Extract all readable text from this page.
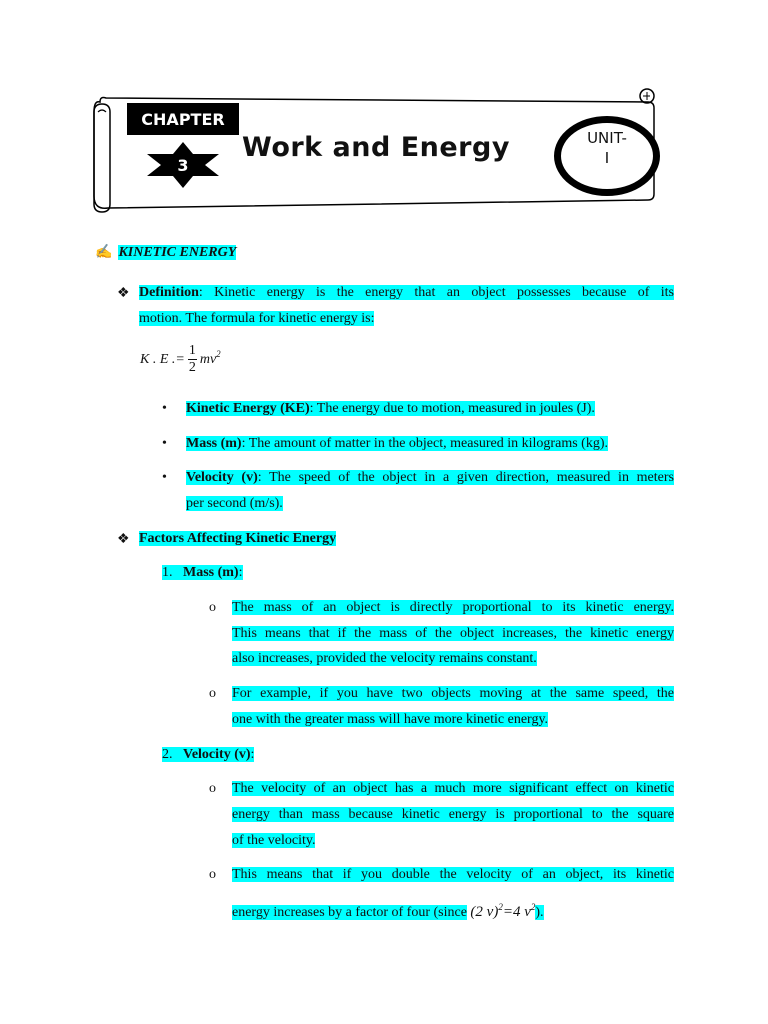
CHAPTER
3
Work and Energy	UNIT-
I
✍ KINETIC ENERGY
❖ Definition: Kinetic energy is the energy that an object possesses because of its
motion. The formula for kinetic energy is:
K . E .= $\frac{1}{2} mv^2$
• Kinetic Energy (KE): The energy due to motion, measured in joules (J).
• Mass (m): The amount of matter in the object, measured in kilograms (kg).
• Velocity (v): The speed of the object in a given direction, measured in meters
per second (m/s).
❖ Factors Affecting Kinetic Energy
1. Mass (m):
o The mass of an object is directly proportional to its kinetic energy.
This means that if the mass of the object increases, the kinetic energy
also increases, provided the velocity remains constant.
o For example, if you have two objects moving at the same speed, the
one with the greater mass will have more kinetic energy.
2. Velocity (v):
o The velocity of an object has a much more significant effect on kinetic
energy than mass because kinetic energy is proportional to the square
of the velocity.
o This means that if you double the velocity of an object, its kinetic
energy increases by a factor of four (since (2 v)$^2$=4 $v^2$).
